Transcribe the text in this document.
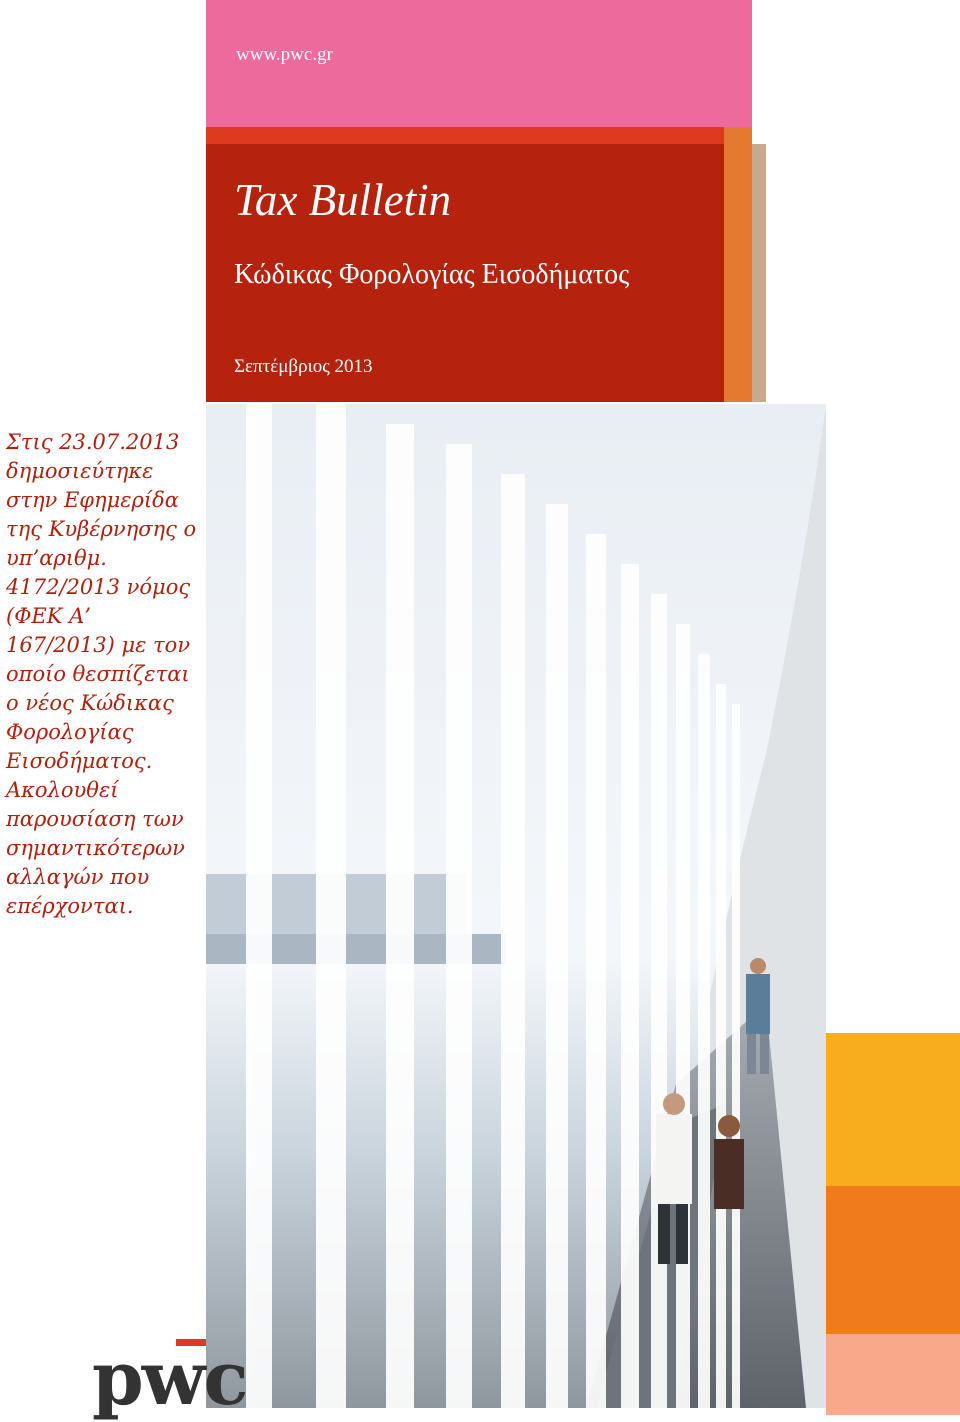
www.pwc.gr
Tax Bulletin

Κώδικας Φορολογίας Εισοδήματος

Σεπτέμβριος 2013

Στις 23.07.2013 δημοσιεύτηκε στην Εφημερίδα της Κυβέρνησης ο υπ’αριθμ. 4172/2013 νόμος (ΦΕΚ Α’ 167/2013) με τον οποίο θεσπίζεται ο νέος Κώδικας Φορολογίας Εισοδήματος. Ακολουθεί παρουσίαση των σημαντικότερων αλλαγών που επέρχονται.

pwc
